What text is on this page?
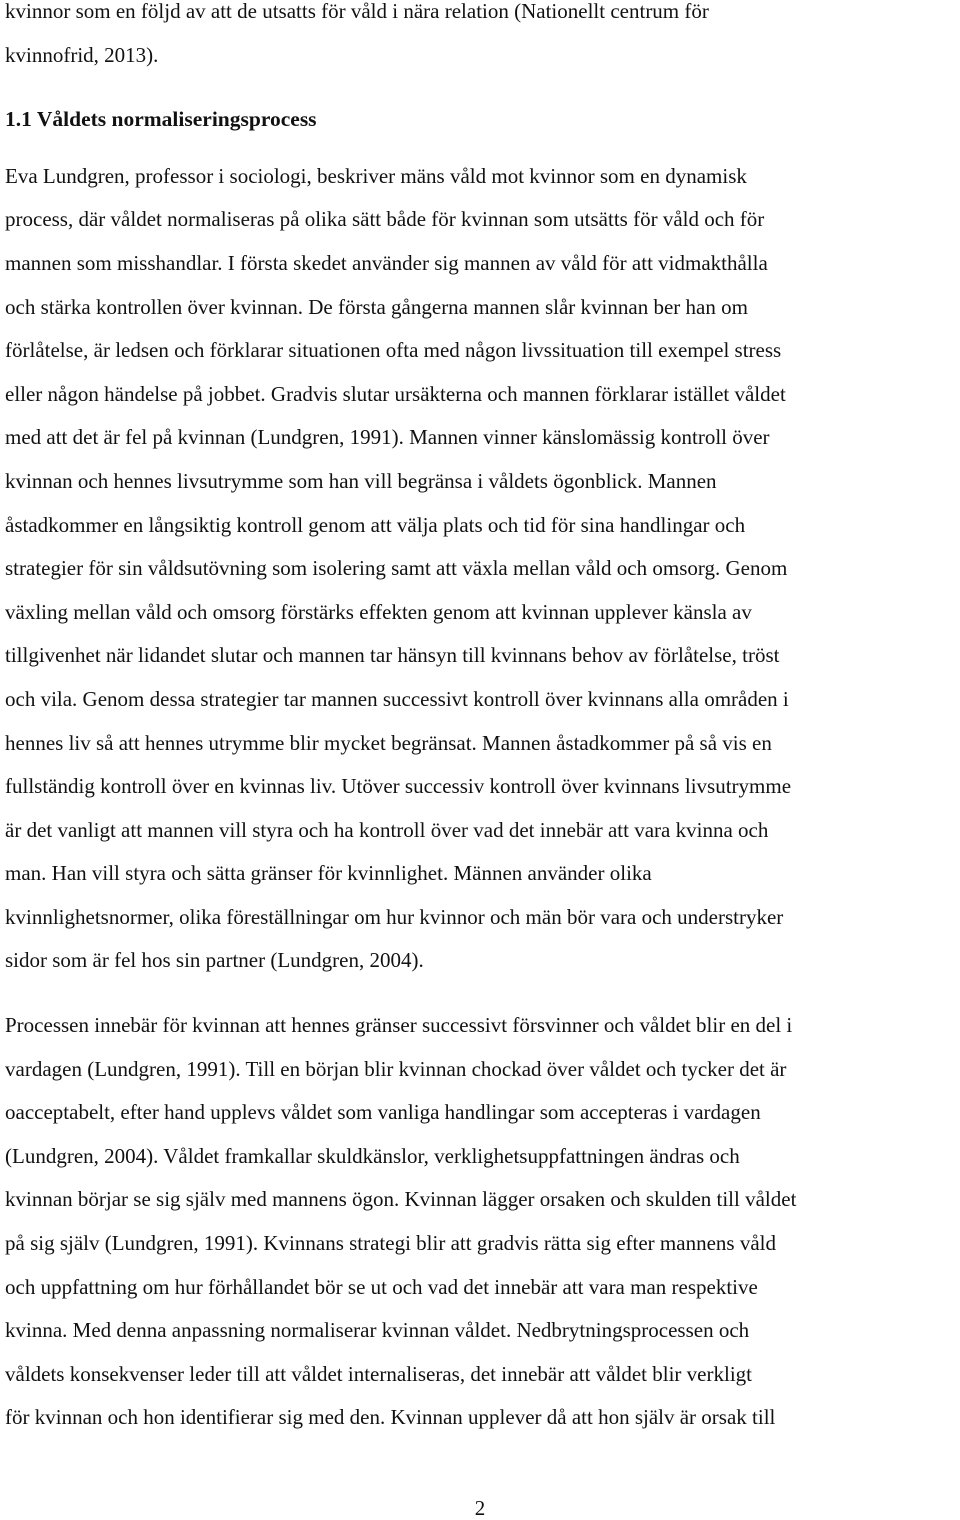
kvinnor som en följd av att de utsatts för våld i nära relation (Nationellt centrum för

kvinnofrid, 2013).

1.1 Våldets normaliseringsprocess

Eva Lundgren, professor i sociologi, beskriver mäns våld mot kvinnor som en dynamisk

process, där våldet normaliseras på olika sätt både för kvinnan som utsätts för våld och för

mannen som misshandlar. I första skedet använder sig mannen av våld för att vidmakthålla

och stärka kontrollen över kvinnan. De första gångerna mannen slår kvinnan ber han om

förlåtelse, är ledsen och förklarar situationen ofta med någon livssituation till exempel stress

eller någon händelse på jobbet. Gradvis slutar ursäkterna och mannen förklarar istället våldet

med att det är fel på kvinnan (Lundgren, 1991). Mannen vinner känslomässig kontroll över

kvinnan och hennes livsutrymme som han vill begränsa i våldets ögonblick. Mannen

åstadkommer en långsiktig kontroll genom att välja plats och tid för sina handlingar och

strategier för sin våldsutövning som isolering samt att växla mellan våld och omsorg. Genom

växling mellan våld och omsorg förstärks effekten genom att kvinnan upplever känsla av

tillgivenhet när lidandet slutar och mannen tar hänsyn till kvinnans behov av förlåtelse, tröst

och vila. Genom dessa strategier tar mannen successivt kontroll över kvinnans alla områden i

hennes liv så att hennes utrymme blir mycket begränsat. Mannen åstadkommer på så vis en

fullständig kontroll över en kvinnas liv. Utöver successiv kontroll över kvinnans livsutrymme

är det vanligt att mannen vill styra och ha kontroll över vad det innebär att vara kvinna och

man. Han vill styra och sätta gränser för kvinnlighet. Männen använder olika

kvinnlighetsnormer, olika föreställningar om hur kvinnor och män bör vara och understryker

sidor som är fel hos sin partner (Lundgren, 2004).

Processen innebär för kvinnan att hennes gränser successivt försvinner och våldet blir en del i

vardagen (Lundgren, 1991). Till en början blir kvinnan chockad över våldet och tycker det är

oacceptabelt, efter hand upplevs våldet som vanliga handlingar som accepteras i vardagen

(Lundgren, 2004). Våldet framkallar skuldkänslor, verklighetsuppfattningen ändras och

kvinnan börjar se sig själv med mannens ögon. Kvinnan lägger orsaken och skulden till våldet

på sig själv (Lundgren, 1991). Kvinnans strategi blir att gradvis rätta sig efter mannens våld

och uppfattning om hur förhållandet bör se ut och vad det innebär att vara man respektive

kvinna. Med denna anpassning normaliserar kvinnan våldet. Nedbrytningsprocessen och

våldets konsekvenser leder till att våldet internaliseras, det innebär att våldet blir verkligt

för kvinnan och hon identifierar sig med den. Kvinnan upplever då att hon själv är orsak till

2
